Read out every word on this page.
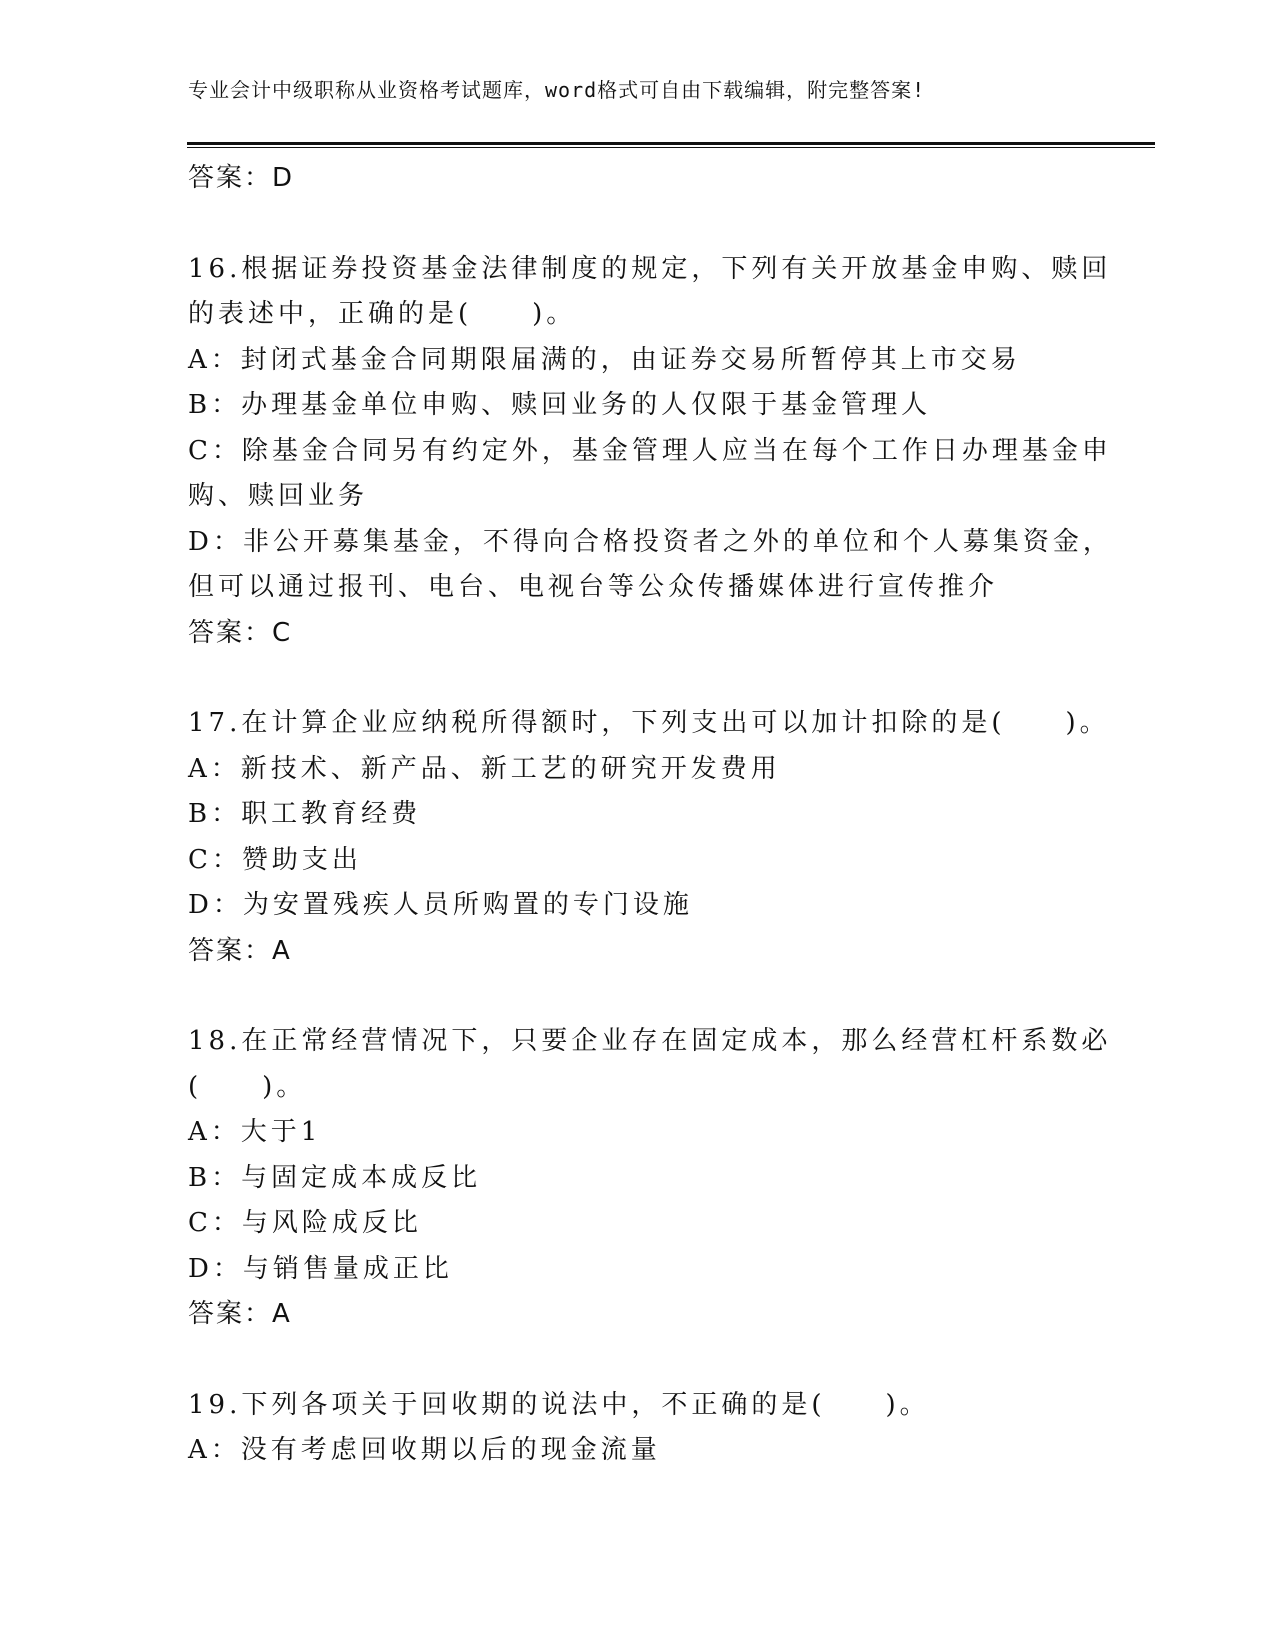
专业会计中级职称从业资格考试题库，word格式可自由下载编辑，附完整答案!
答案：D
16.根据证券投资基金法律制度的规定，下列有关开放基金申购、赎回
的表述中，正确的是(　　)。
A：封闭式基金合同期限届满的，由证券交易所暂停其上市交易
B：办理基金单位申购、赎回业务的人仅限于基金管理人
C：除基金合同另有约定外，基金管理人应当在每个工作日办理基金申
购、赎回业务
D：非公开募集基金，不得向合格投资者之外的单位和个人募集资金，
但可以通过报刊、电台、电视台等公众传播媒体进行宣传推介
答案：C
17.在计算企业应纳税所得额时，下列支出可以加计扣除的是(　　)。
A：新技术、新产品、新工艺的研究开发费用
B：职工教育经费
C：赞助支出
D：为安置残疾人员所购置的专门设施
答案：A
18.在正常经营情况下，只要企业存在固定成本，那么经营杠杆系数必
(　　)。
A：大于1
B：与固定成本成反比
C：与风险成反比
D：与销售量成正比
答案：A
19.下列各项关于回收期的说法中，不正确的是(　　)。
A：没有考虑回收期以后的现金流量
